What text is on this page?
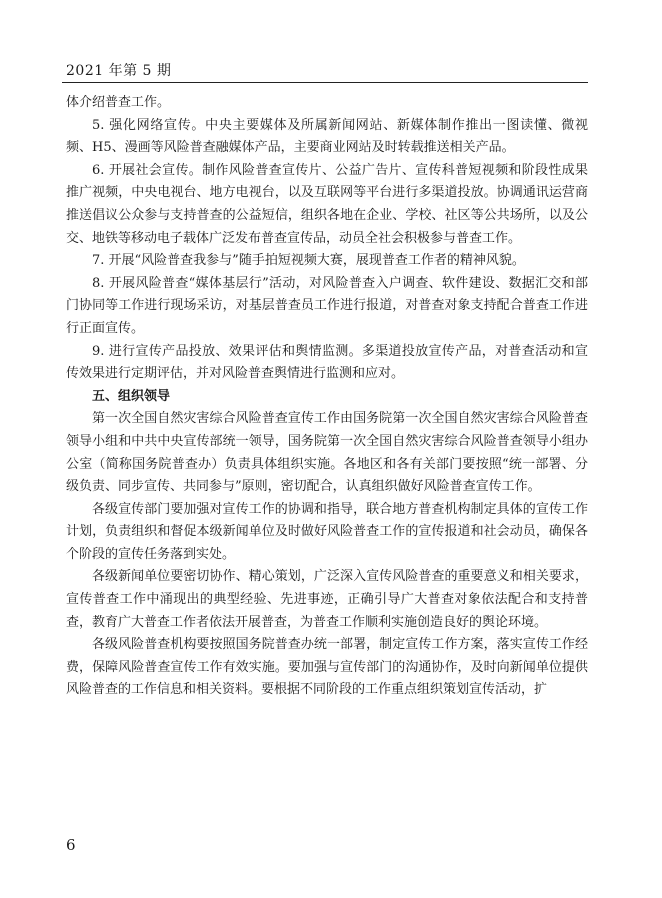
2021 年第 5 期

体介绍普查工作。

5. 强化网络宣传。中央主要媒体及所属新闻网站、新媒体制作推出一图读懂、微视频、H5、漫画等风险普查融媒体产品，主要商业网站及时转载推送相关产品。

6. 开展社会宣传。制作风险普查宣传片、公益广告片、宣传科普短视频和阶段性成果推广视频，中央电视台、地方电视台，以及互联网等平台进行多渠道投放。协调通讯运营商推送倡议公众参与支持普查的公益短信，组织各地在企业、学校、社区等公共场所，以及公交、地铁等移动电子载体广泛发布普查宣传品，动员全社会积极参与普查工作。

7. 开展“风险普查我参与”随手拍短视频大赛，展现普查工作者的精神风貌。

8. 开展风险普查“媒体基层行”活动，对风险普查入户调查、软件建设、数据汇交和部门协同等工作进行现场采访，对基层普查员工作进行报道，对普查对象支持配合普查工作进行正面宣传。

9. 进行宣传产品投放、效果评估和舆情监测。多渠道投放宣传产品，对普查活动和宣传效果进行定期评估，并对风险普查舆情进行监测和应对。

五、组织领导

第一次全国自然灾害综合风险普查宣传工作由国务院第一次全国自然灾害综合风险普查领导小组和中共中央宣传部统一领导，国务院第一次全国自然灾害综合风险普查领导小组办公室（简称国务院普查办）负责具体组织实施。各地区和各有关部门要按照“统一部署、分级负责、同步宣传、共同参与”原则，密切配合，认真组织做好风险普查宣传工作。

各级宣传部门要加强对宣传工作的协调和指导，联合地方普查机构制定具体的宣传工作计划，负责组织和督促本级新闻单位及时做好风险普查工作的宣传报道和社会动员，确保各个阶段的宣传任务落到实处。

各级新闻单位要密切协作、精心策划，广泛深入宣传风险普查的重要意义和相关要求，宣传普查工作中涌现出的典型经验、先进事迹，正确引导广大普查对象依法配合和支持普查，教育广大普查工作者依法开展普查，为普查工作顺利实施创造良好的舆论环境。

各级风险普查机构要按照国务院普查办统一部署，制定宣传工作方案，落实宣传工作经费，保障风险普查宣传工作有效实施。要加强与宣传部门的沟通协作，及时向新闻单位提供风险普查的工作信息和相关资料。要根据不同阶段的工作重点组织策划宣传活动，扩

6
